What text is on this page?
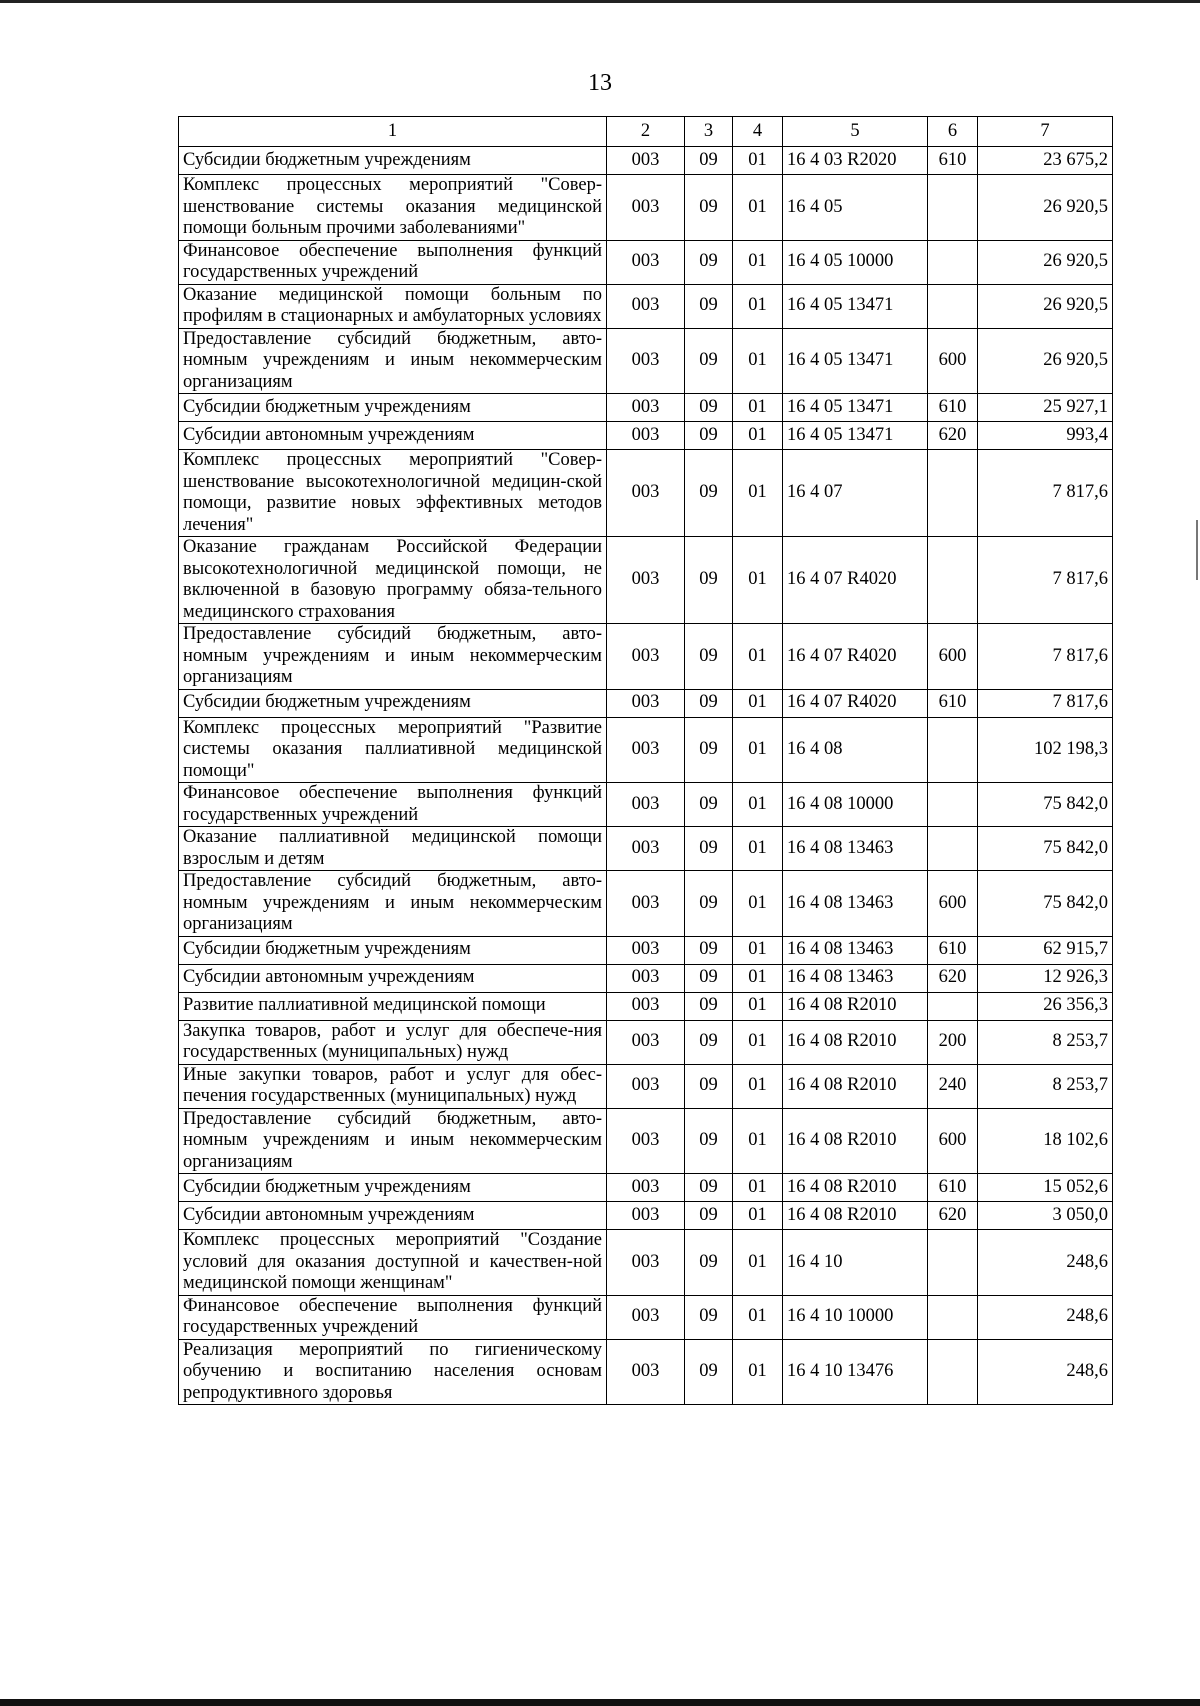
13
1	2	3	4	5	6	7
Субсидии бюджетным учреждениям	003	09	01	16 4 03 R2020	610	23 675,2
Комплекс процессных мероприятий "Совер-шенствование системы оказания медицинской помощи больным прочими заболеваниями"	003	09	01	16 4 05		26 920,5
Финансовое обеспечение выполнения функций государственных учреждений	003	09	01	16 4 05 10000		26 920,5
Оказание медицинской помощи больным по профилям в стационарных и амбулаторных условиях	003	09	01	16 4 05 13471		26 920,5
Предоставление субсидий бюджетным, авто-номным учреждениям и иным некоммерческим организациям	003	09	01	16 4 05 13471	600	26 920,5
Субсидии бюджетным учреждениям	003	09	01	16 4 05 13471	610	25 927,1
Субсидии автономным учреждениям	003	09	01	16 4 05 13471	620	993,4
Комплекс процессных мероприятий "Совер-шенствование высокотехнологичной медицин-ской помощи, развитие новых эффективных методов лечения"	003	09	01	16 4 07		7 817,6
Оказание гражданам Российской Федерации высокотехнологичной медицинской помощи, не включенной в базовую программу обяза-тельного медицинского страхования	003	09	01	16 4 07 R4020		7 817,6
Предоставление субсидий бюджетным, авто-номным учреждениям и иным некоммерческим организациям	003	09	01	16 4 07 R4020	600	7 817,6
Субсидии бюджетным учреждениям	003	09	01	16 4 07 R4020	610	7 817,6
Комплекс процессных мероприятий "Развитие системы оказания паллиативной медицинской помощи"	003	09	01	16 4 08		102 198,3
Финансовое обеспечение выполнения функций государственных учреждений	003	09	01	16 4 08 10000		75 842,0
Оказание паллиативной медицинской помощи взрослым и детям	003	09	01	16 4 08 13463		75 842,0
Предоставление субсидий бюджетным, авто-номным учреждениям и иным некоммерческим организациям	003	09	01	16 4 08 13463	600	75 842,0
Субсидии бюджетным учреждениям	003	09	01	16 4 08 13463	610	62 915,7
Субсидии автономным учреждениям	003	09	01	16 4 08 13463	620	12 926,3
Развитие паллиативной медицинской помощи	003	09	01	16 4 08 R2010		26 356,3
Закупка товаров, работ и услуг для обеспече-ния государственных (муниципальных) нужд	003	09	01	16 4 08 R2010	200	8 253,7
Иные закупки товаров, работ и услуг для обес-печения государственных (муниципальных) нужд	003	09	01	16 4 08 R2010	240	8 253,7
Предоставление субсидий бюджетным, авто-номным учреждениям и иным некоммерческим организациям	003	09	01	16 4 08 R2010	600	18 102,6
Субсидии бюджетным учреждениям	003	09	01	16 4 08 R2010	610	15 052,6
Субсидии автономным учреждениям	003	09	01	16 4 08 R2010	620	3 050,0
Комплекс процессных мероприятий "Создание условий для оказания доступной и качествен-ной медицинской помощи женщинам"	003	09	01	16 4 10		248,6
Финансовое обеспечение выполнения функций государственных учреждений	003	09	01	16 4 10 10000		248,6
Реализация мероприятий по гигиеническому обучению и воспитанию населения основам репродуктивного здоровья	003	09	01	16 4 10 13476		248,6
